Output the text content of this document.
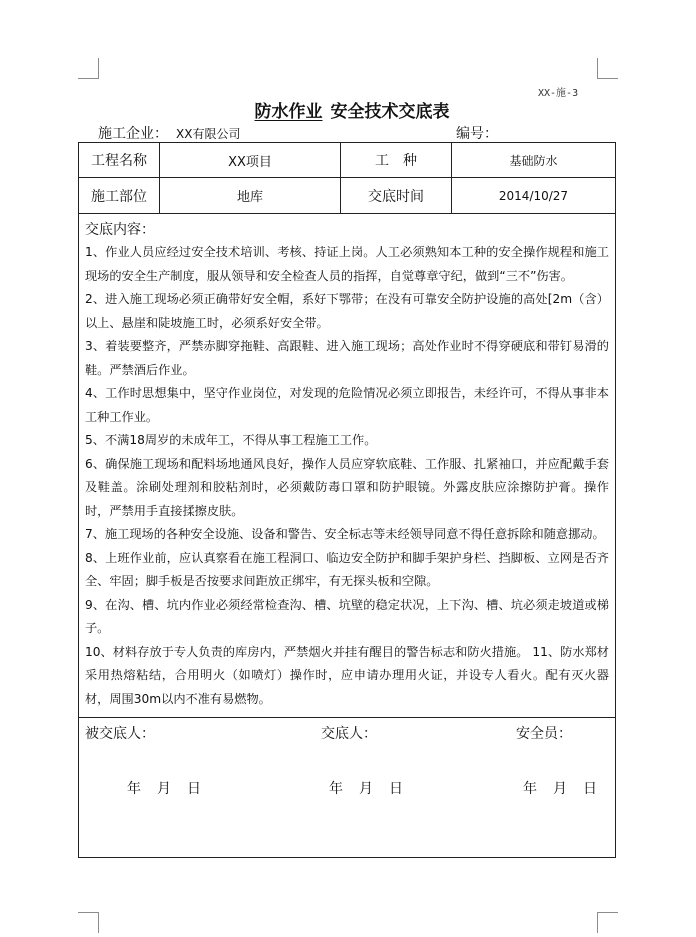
XX-施-3
防水作业 安全技术交底表
施工企业： XX有限公司	编号：
工程名称	XX项目	工　种	基础防水
施工部位	地库	交底时间	2014/10/27
交底内容：

1、作业人员应经过安全技术培训、考核、持证上岗。人工必须熟知本工种的安全操作规程和施工现场的安全生产制度，服从领导和安全检查人员的指挥，自觉尊章守纪，做到“三不”伤害。

2、进入施工现场必须正确带好安全帽，系好下鄂带；在没有可靠安全防护设施的高处[2m（含）以上、悬崖和陡坡施工时，必须系好安全带。

3、着装要整齐，严禁赤脚穿拖鞋、高跟鞋、进入施工现场；高处作业时不得穿硬底和带钉易滑的鞋。严禁酒后作业。

4、工作时思想集中，坚守作业岗位，对发现的危险情况必须立即报告，未经许可，不得从事非本工种工作业。

5、不满18周岁的未成年工，不得从事工程施工工作。

6、确保施工现场和配料场地通风良好，操作人员应穿软底鞋、工作服、扎紧袖口，并应配戴手套及鞋盖。涂刷处理剂和胶粘剂时，必须戴防毒口罩和防护眼镜。外露皮肤应涂擦防护膏。操作时，严禁用手直接揉擦皮肤。

7、施工现场的各种安全设施、设备和警告、安全标志等未经领导同意不得任意拆除和随意挪动。

8、上班作业前，应认真察看在施工程洞口、临边安全防护和脚手架护身栏、挡脚板、立网是否齐全、牢固；脚手板是否按要求间距放正绑牢，有无探头板和空隙。

9、在沟、槽、坑内作业必须经常检查沟、槽、坑壁的稳定状况，上下沟、槽、坑必须走坡道或梯子。

10、材料存放于专人负责的库房内，严禁烟火并挂有醒目的警告标志和防火措施。 11、防水郑材采用热熔粘结，合用明火（如喷灯）操作时，应申请办理用火证，并设专人看火。配有灭火器材，周围30m以内不准有易燃物。

被交底人：	交底人：	安全员：
年 月 日	年 月 日	年 月 日
